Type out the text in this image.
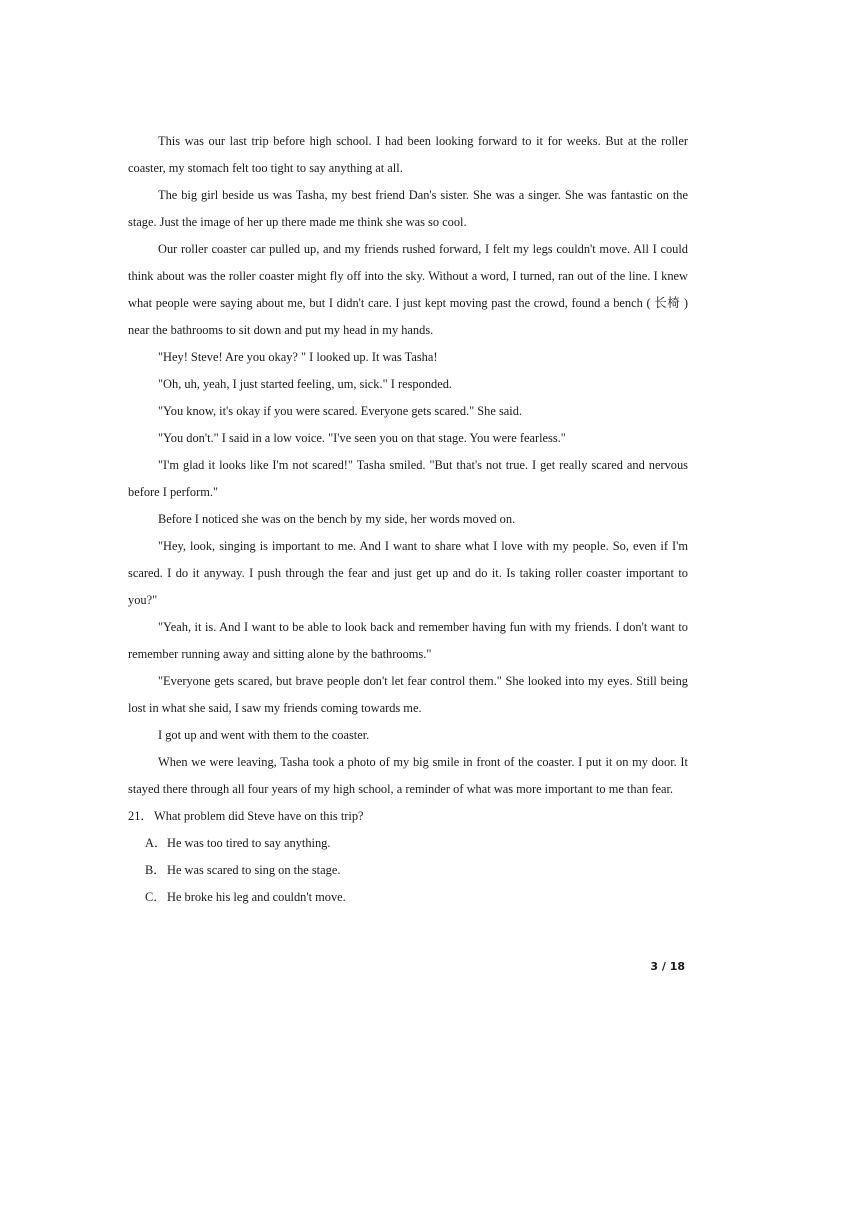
This was our last trip before high school. I had been looking forward to it for weeks. But at the roller coaster, my stomach felt too tight to say anything at all.

The big girl beside us was Tasha, my best friend Dan's sister. She was a singer. She was fantastic on the stage. Just the image of her up there made me think she was so cool.

Our roller coaster car pulled up, and my friends rushed forward, I felt my legs couldn't move. All I could think about was the roller coaster might fly off into the sky. Without a word, I turned, ran out of the line. I knew what people were saying about me, but I didn't care. I just kept moving past the crowd, found a bench ( 长椅 ) near the bathrooms to sit down and put my head in my hands.

"Hey! Steve! Are you okay? " I looked up. It was Tasha!

"Oh, uh, yeah, I just started feeling, um, sick." I responded.

"You know, it's okay if you were scared. Everyone gets scared." She said.

"You don't." I said in a low voice. "I've seen you on that stage. You were fearless."

"I'm glad it looks like I'm not scared!" Tasha smiled. "But that's not true. I get really scared and nervous before I perform."

Before I noticed she was on the bench by my side, her words moved on.

"Hey, look, singing is important to me. And I want to share what I love with my people. So, even if I'm scared. I do it anyway. I push through the fear and just get up and do it. Is taking roller coaster important to you?"

"Yeah, it is. And I want to be able to look back and remember having fun with my friends. I don't want to remember running away and sitting alone by the bathrooms."

"Everyone gets scared, but brave people don't let fear control them." She looked into my eyes. Still being lost in what she said, I saw my friends coming towards me.

I got up and went with them to the coaster.

When we were leaving, Tasha took a photo of my big smile in front of the coaster. I put it on my door. It stayed there through all four years of my high school, a reminder of what was more important to me than fear.

21．What problem did Steve have on this trip?

A．He was too tired to say anything.

B．He was scared to sing on the stage.

C．He broke his leg and couldn't move.

3 / 18
